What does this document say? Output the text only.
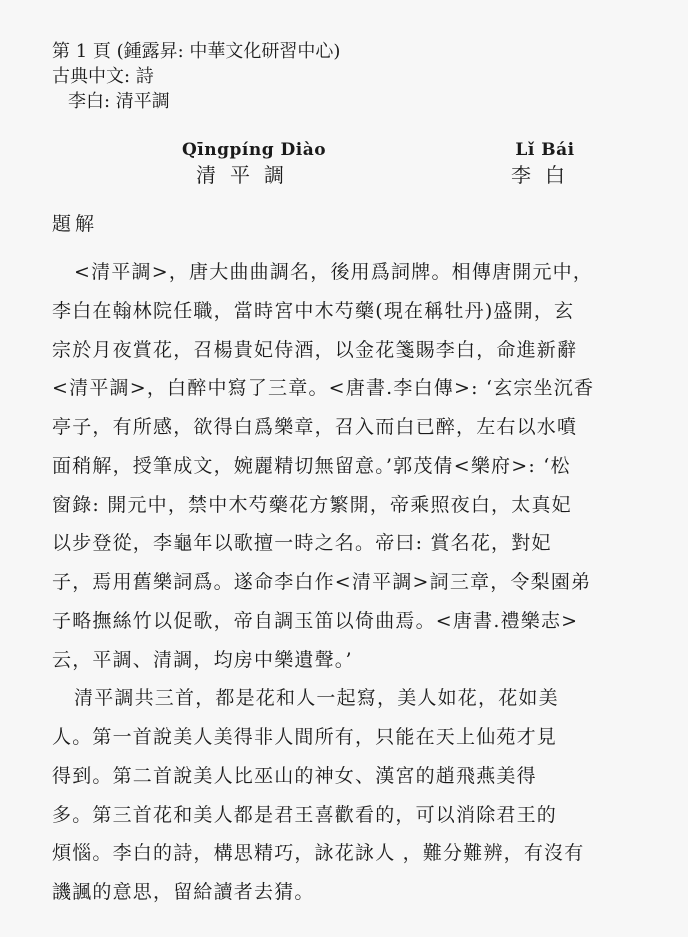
第 1 頁 (鍾露昇: 中華文化研習中心)
古典中文: 詩
李白: 清平調
Qīngpíng Diào
清平調
Lǐ Bái
李白
題解
<清平調>，唐大曲曲調名，後用爲詞牌。相傳唐開元中，
李白在翰林院任職，當時宮中木芍藥(現在稱牡丹)盛開，玄
宗於月夜賞花，召楊貴妃侍酒，以金花箋賜李白，命進新辭
<清平調>，白醉中寫了三章。<唐書.李白傳>: ‘玄宗坐沉香
亭子，有所感，欲得白爲樂章，召入而白已醉，左右以水噴
面稍解，授筆成文，婉麗精切無留意。’郭茂倩<樂府>: ‘松
窗錄: 開元中，禁中木芍藥花方繁開，帝乘照夜白，太真妃
以步登從，李龜年以歌擅一時之名。帝曰: 賞名花，對妃
子，焉用舊樂詞爲。遂命李白作<清平調>詞三章，令梨園弟
子略撫絲竹以促歌，帝自調玉笛以倚曲焉。<唐書.禮樂志>
云，平調、清調，均房中樂遺聲。’
清平調共三首，都是花和人一起寫，美人如花，花如美
人。第一首說美人美得非人間所有，只能在天上仙苑才見
得到。第二首說美人比巫山的神女、漢宮的趙飛燕美得
多。第三首花和美人都是君王喜歡看的，可以消除君王的
煩惱。李白的詩，構思精巧，詠花詠人 ，難分難辨，有沒有
譏諷的意思，留給讀者去猜。
